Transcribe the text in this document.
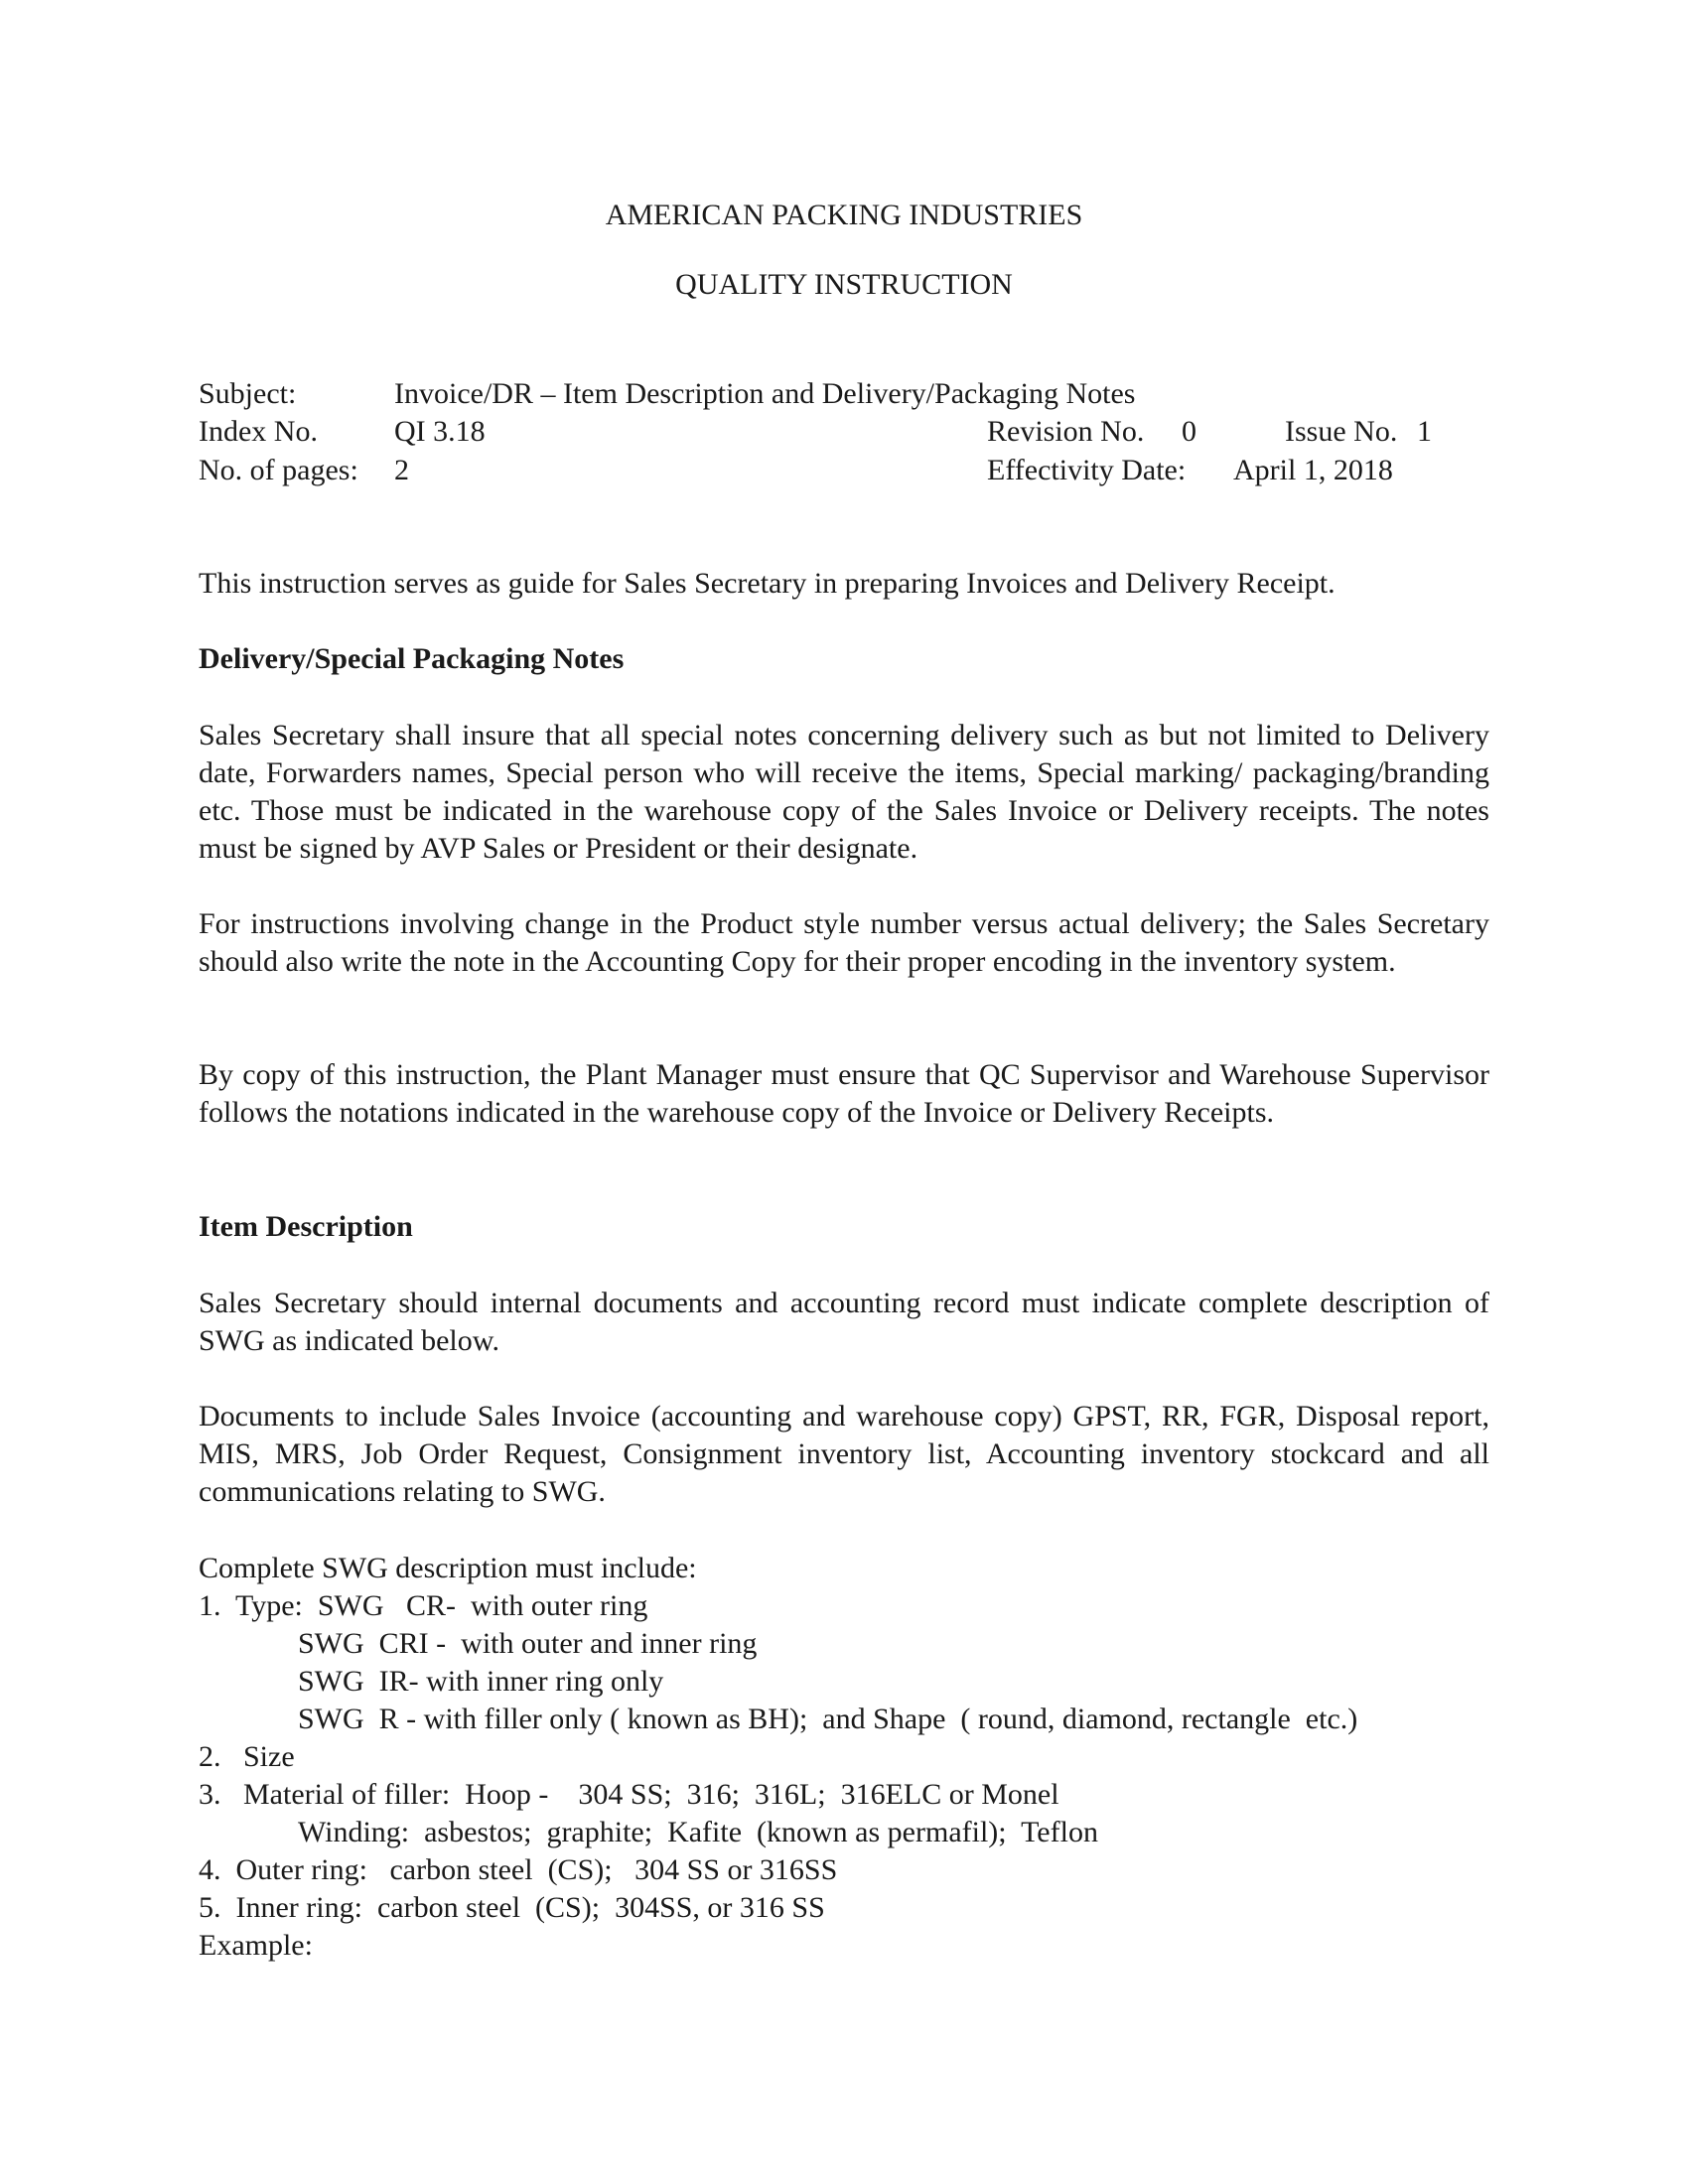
AMERICAN PACKING INDUSTRIES
QUALITY INSTRUCTION
Subject:	Invoice/DR – Item Description and Delivery/Packaging Notes
Index No.	QI 3.18	Revision No. 0	Issue No. 1
No. of pages: 2	Effectivity Date: April 1, 2018
This instruction serves as guide for Sales Secretary in preparing Invoices and Delivery Receipt.
Delivery/Special Packaging Notes
Sales Secretary shall insure that all special notes concerning delivery such as but not limited to Delivery date, Forwarders names, Special person who will receive the items, Special marking/ packaging/branding etc. Those must be indicated in the warehouse copy of the Sales Invoice or Delivery receipts. The notes must be signed by AVP Sales or President or their designate.
For instructions involving change in the Product style number versus actual delivery; the Sales Secretary should also write the note in the Accounting Copy for their proper encoding in the inventory system.
By copy of this instruction, the Plant Manager must ensure that QC Supervisor and Warehouse Supervisor follows the notations indicated in the warehouse copy of the Invoice or Delivery Receipts.
Item Description
Sales Secretary should internal documents and accounting record must indicate complete description of SWG as indicated below.
Documents to include Sales Invoice (accounting and warehouse copy) GPST, RR, FGR, Disposal report, MIS, MRS, Job Order Request, Consignment inventory list, Accounting inventory stockcard and all communications relating to SWG.
Complete SWG description must include:
1.  Type:  SWG   CR-  with outer ring
SWG  CRI -  with outer and inner ring
SWG  IR- with inner ring only
SWG  R - with filler only ( known as BH);  and Shape  ( round, diamond, rectangle  etc.)
2.   Size
3.   Material of filler:  Hoop -    304 SS;  316;  316L;  316ELC or Monel
Winding:  asbestos;  graphite;  Kafite  (known as permafil);  Teflon
4.  Outer ring:   carbon steel  (CS);   304 SS or 316SS
5.  Inner ring:  carbon steel  (CS);  304SS, or 316 SS
Example:
